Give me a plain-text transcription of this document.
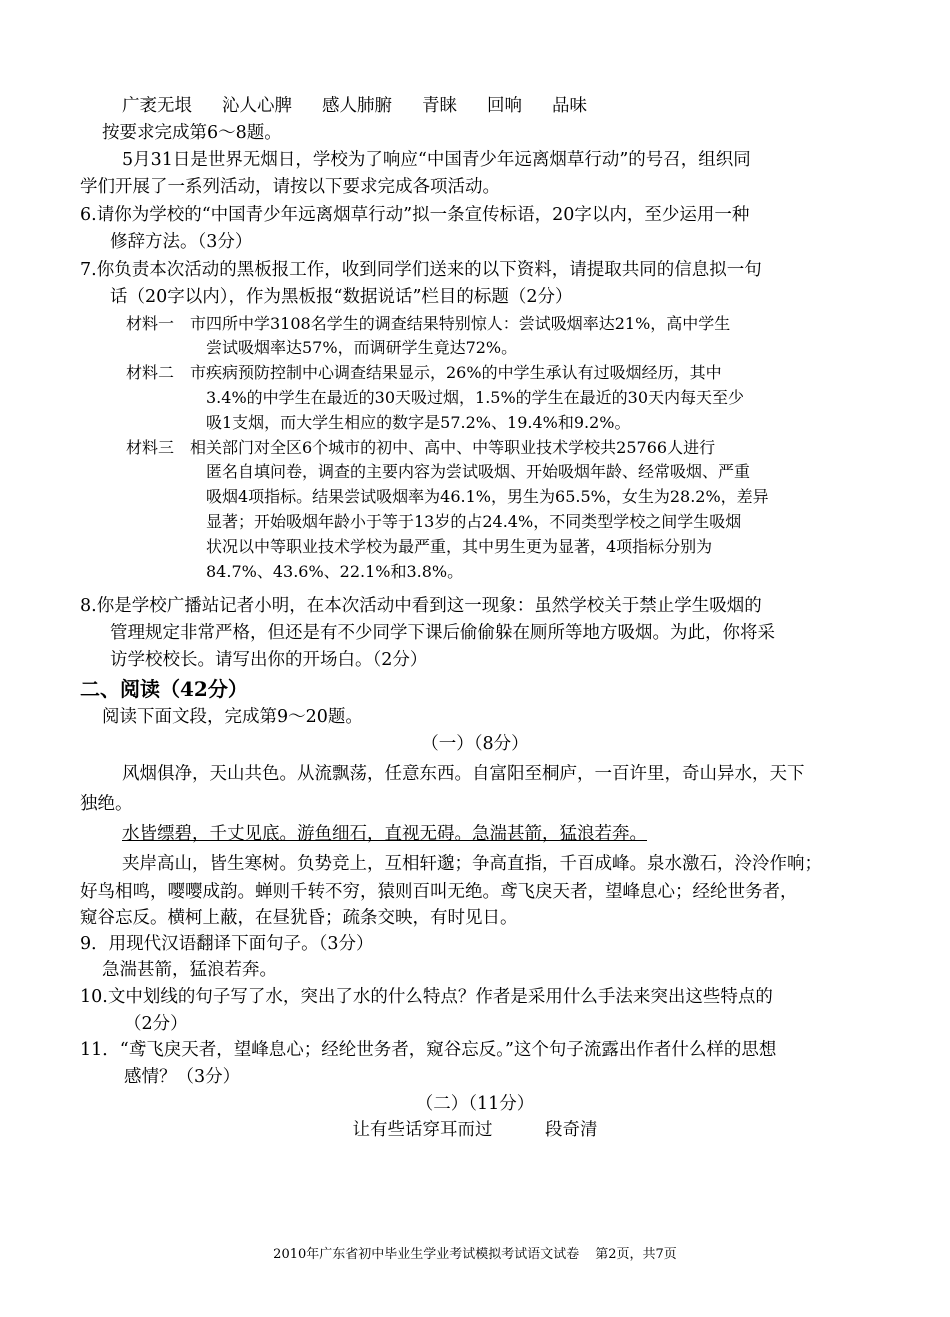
广袤无垠 沁人心脾 感人肺腑 青睐 回响 品味
按要求完成第6～8题。
5月31日是世界无烟日，学校为了响应“中国青少年远离烟草行动”的号召，组织同
学们开展了一系列活动，请按以下要求完成各项活动。
6.请你为学校的“中国青少年远离烟草行动”拟一条宣传标语，20字以内，至少运用一种
修辞方法。（3分）
7.你负责本次活动的黑板报工作，收到同学们送来的以下资料，请提取共同的信息拟一句
话（20字以内），作为黑板报“数据说话”栏目的标题（2分）
材料一　市四所中学3108名学生的调查结果特别惊人：尝试吸烟率达21%，高中学生
尝试吸烟率达57%，而调研学生竟达72%。
材料二　市疾病预防控制中心调查结果显示，26%的中学生承认有过吸烟经历，其中
3.4%的中学生在最近的30天吸过烟，1.5%的学生在最近的30天内每天至少
吸1支烟，而大学生相应的数字是57.2%、19.4%和9.2%。
材料三　相关部门对全区6个城市的初中、高中、中等职业技术学校共25766人进行
匿名自填问卷，调查的主要内容为尝试吸烟、开始吸烟年龄、经常吸烟、严重
吸烟4项指标。结果尝试吸烟率为46.1%，男生为65.5%，女生为28.2%，差异
显著；开始吸烟年龄小于等于13岁的占24.4%，不同类型学校之间学生吸烟
状况以中等职业技术学校为最严重，其中男生更为显著，4项指标分别为
84.7%、43.6%、22.1%和3.8%。
8.你是学校广播站记者小明，在本次活动中看到这一现象：虽然学校关于禁止学生吸烟的
管理规定非常严格，但还是有不少同学下课后偷偷躲在厕所等地方吸烟。为此，你将采
访学校校长。请写出你的开场白。（2分）
二、阅读（42分）
阅读下面文段，完成第9～20题。
（一）（8分）
风烟俱净，天山共色。从流飘荡，任意东西。自富阳至桐庐，一百许里，奇山异水，天下
独绝。
水皆缥碧，千丈见底。游鱼细石，直视无碍。急湍甚箭，猛浪若奔。
夹岸高山，皆生寒树。负势竞上，互相轩邈；争高直指，千百成峰。泉水激石，泠泠作响；
好鸟相鸣，嘤嘤成韵。蝉则千转不穷，猿则百叫无绝。鸢飞戾天者，望峰息心；经纶世务者，
窥谷忘反。横柯上蔽，在昼犹昏；疏条交映，有时见日。
9．用现代汉语翻译下面句子。（3分）
急湍甚箭，猛浪若奔。
10.文中划线的句子写了水，突出了水的什么特点？作者是采用什么手法来突出这些特点的
（2分）
11．“鸢飞戾天者，望峰息心；经纶世务者，窥谷忘反。”这个句子流露出作者什么样的思想
感情？（3分）
（二）（11分）
让有些话穿耳而过　　　段奇清
2010年广东省初中毕业生学业考试模拟考试语文试卷 第2页，共7页
